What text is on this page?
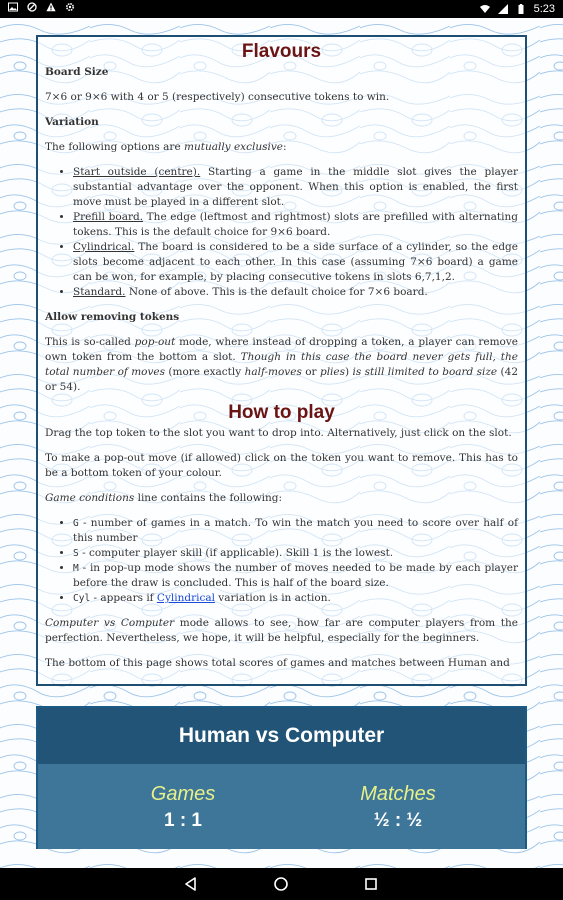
5:23
Flavours
Board Size

7×6 or 9×6 with 4 or 5 (respectively) consecutive tokens to win.

Variation

The following options are mutually exclusive:

• Start outside (centre). Starting a game in the middle slot gives the player substantial advantage over the opponent. When this option is enabled, the first move must be played in a different slot.
• Prefill board. The edge (leftmost and rightmost) slots are prefilled with alternating tokens. This is the default choice for 9×6 board.
• Cylindrical. The board is considered to be a side surface of a cylinder, so the edge slots become adjacent to each other. In this case (assuming 7×6 board) a game can be won, for example, by placing consecutive tokens in slots 6,7,1,2.
• Standard. None of above. This is the default choice for 7×6 board.
Allow removing tokens

This is so-called pop-out mode, where instead of dropping a token, a player can remove own token from the bottom a slot. Though in this case the board never gets full, the total number of moves (more exactly half-moves or plies) is still limited to board size (42 or 54).

How to play

Drag the top token to the slot you want to drop into. Alternatively, just click on the slot.

To make a pop-out move (if allowed) click on the token you want to remove. This has to be a bottom token of your colour.

Game conditions line contains the following:

• G - number of games in a match. To win the match you need to score over half of this number
• S - computer player skill (if applicable). Skill 1 is the lowest.
• M - in pop-up mode shows the number of moves needed to be made by each player before the draw is concluded. This is half of the board size.
• Cyl - appears if Cylindrical variation is in action.

Computer vs Computer mode allows to see, how far are computer players from the perfection. Nevertheless, we hope, it will be helpful, especially for the beginners.

The bottom of this page shows total scores of games and matches between Human and

Human vs Computer
Games
1 : 1
Matches
½ : ½
